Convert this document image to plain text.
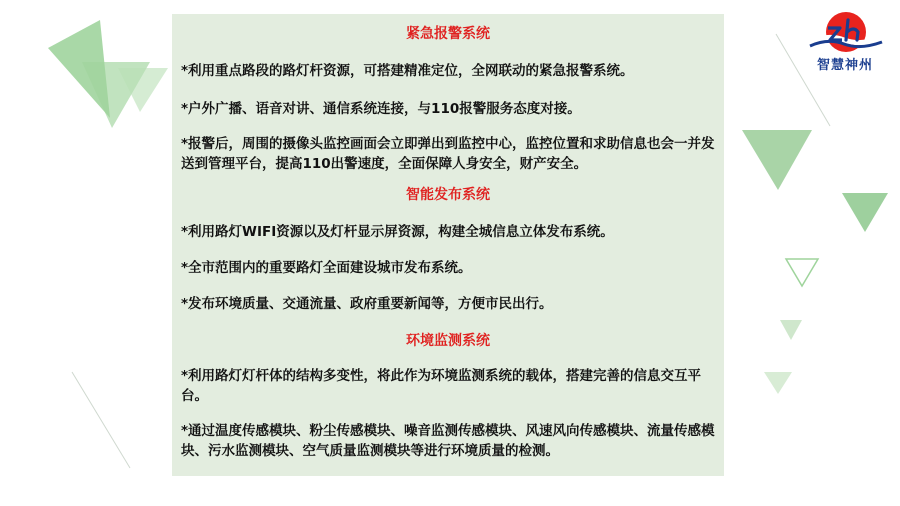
智慧神州
紧急报警系统
*利用重点路段的路灯杆资源，可搭建精准定位，全网联动的紧急报警系统。
*户外广播、语音对讲、通信系统连接，与110报警服务态度对接。
*报警后，周围的摄像头监控画面会立即弹出到监控中心，监控位置和求助信息也会一并发送到管理平台，提高110出警速度，全面保障人身安全，财产安全。
智能发布系统
*利用路灯WIFI资源以及灯杆显示屏资源，构建全城信息立体发布系统。
*全市范围内的重要路灯全面建设城市发布系统。
*发布环境质量、交通流量、政府重要新闻等，方便市民出行。
环境监测系统
*利用路灯灯杆体的结构多变性，将此作为环境监测系统的载体，搭建完善的信息交互平台。
*通过温度传感模块、粉尘传感模块、噪音监测传感模块、风速风向传感模块、流量传感模块、污水监测模块、空气质量监测模块等进行环境质量的检测。
